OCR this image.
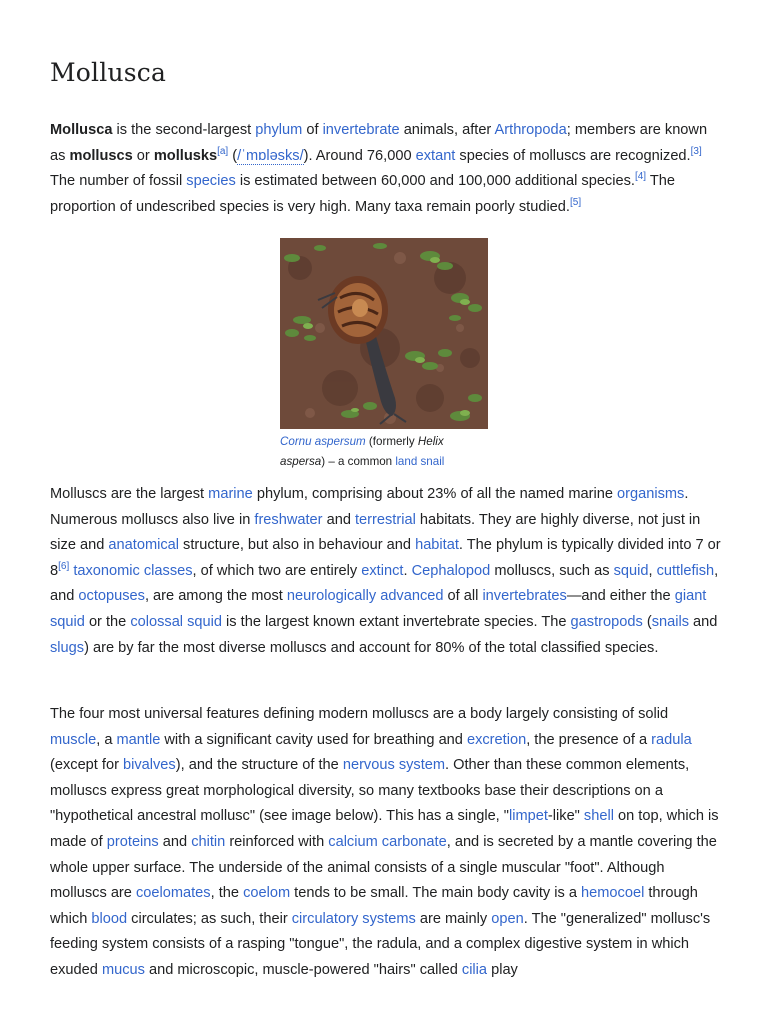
Mollusca

Mollusca is the second-largest phylum of invertebrate animals, after Arthropoda; members are known as molluscs or mollusks[a] (/ˈmɒləsks/). Around 76,000 extant species of molluscs are recognized.[3] The number of fossil species is estimated between 60,000 and 100,000 additional species.[4] The proportion of undescribed species is very high. Many taxa remain poorly studied.[5]

Cornu aspersum (formerly Helix aspersa) – a common land snail

Molluscs are the largest marine phylum, comprising about 23% of all the named marine organisms. Numerous molluscs also live in freshwater and terrestrial habitats. They are highly diverse, not just in size and anatomical structure, but also in behaviour and habitat. The phylum is typically divided into 7 or 8[6] taxonomic classes, of which two are entirely extinct. Cephalopod molluscs, such as squid, cuttlefish, and octopuses, are among the most neurologically advanced of all invertebrates—and either the giant squid or the colossal squid is the largest known extant invertebrate species. The gastropods (snails and slugs) are by far the most diverse molluscs and account for 80% of the total classified species.

The four most universal features defining modern molluscs are a body largely consisting of solid muscle, a mantle with a significant cavity used for breathing and excretion, the presence of a radula (except for bivalves), and the structure of the nervous system. Other than these common elements, molluscs express great morphological diversity, so many textbooks base their descriptions on a "hypothetical ancestral mollusc" (see image below). This has a single, "limpet-like" shell on top, which is made of proteins and chitin reinforced with calcium carbonate, and is secreted by a mantle covering the whole upper surface. The underside of the animal consists of a single muscular "foot". Although molluscs are coelomates, the coelom tends to be small. The main body cavity is a hemocoel through which blood circulates; as such, their circulatory systems are mainly open. The "generalized" mollusc's feeding system consists of a rasping "tongue", the radula, and a complex digestive system in which exuded mucus and microscopic, muscle-powered "hairs" called cilia play
